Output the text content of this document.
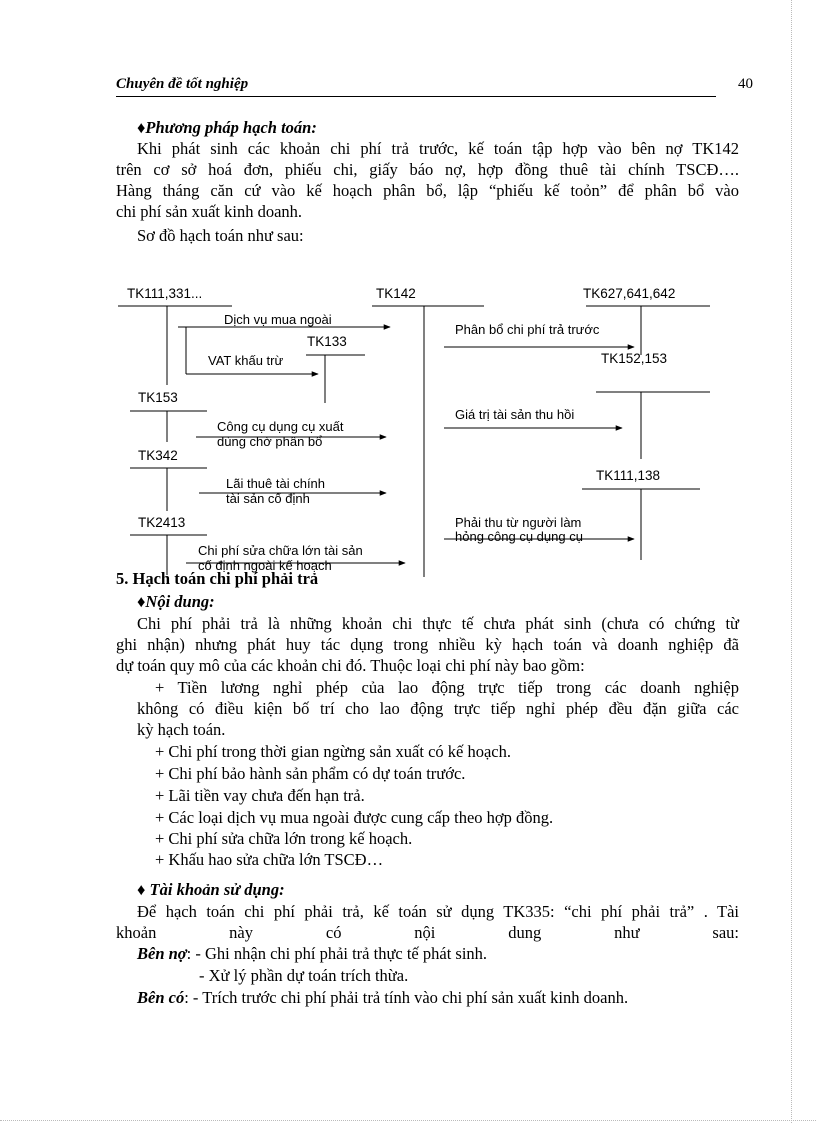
Chuyên đề tốt nghiệp	40
♦Phương pháp hạch toán:
Khi phát sinh các khoản chi phí trả trước, kế toán tập hợp vào bên nợ TK142
trên cơ sở hoá đơn, phiếu chi, giấy báo nợ, hợp đồng thuê tài chính TSCĐ….
Hàng tháng căn cứ vào kế hoạch phân bổ, lập “phiếu kế toỏn” để phân bổ vào
chi phí sản xuất kinh doanh.
Sơ đồ hạch toán như sau:
TK111,331...	TK142	TK627,641,642
TK133
TK152,153
TK153
TK342
TK111,138
TK2413
Dịch vụ mua ngoài
VAT khấu trừ
Công cụ dụng cụ xuất
dùng chờ phân bổ
Lãi thuê tài chính
tài sản cố định
Chi phí sửa chữa lớn tài sản
cố định ngoài kế hoạch
Phân bổ chi phí trả trước
Giá trị tài sản thu hồi
Phải thu từ người làm
hỏng công cụ dụng cụ
5. Hạch toán chi phí phải trả
♦Nội dung:
Chi phí phải trả là những khoản chi thực tế chưa phát sinh (chưa có chứng từ
ghi nhận) nhưng phát huy tác dụng trong nhiều kỳ hạch toán và doanh nghiệp đã
dự toán quy mô của các khoản chi đó. Thuộc loại chi phí này bao gồm:
+ Tiền lương nghỉ phép của lao động trực tiếp trong các doanh nghiệp
không có điều kiện bố trí cho lao động trực tiếp nghỉ phép đều đặn giữa các
kỳ hạch toán.
+ Chi phí trong thời gian ngừng sản xuất có kế hoạch.
+ Chi phí bảo hành sản phẩm có dự toán trước.
+ Lãi tiền vay chưa đến hạn trả.
+ Các loại dịch vụ mua ngoài được cung cấp theo hợp đồng.
+ Chi phí sửa chữa lớn trong kế hoạch.
+ Khấu hao sửa chữa lớn TSCĐ…
♦ Tài khoản sử dụng:
Để hạch toán chi phí phải trả, kế toán sử dụng TK335: “chi phí phải trả” . Tài
khoản này có nội dung như sau:
Bên nợ: - Ghi nhận chi phí phải trả thực tế phát sinh.
- Xử lý phần dự toán trích thừa.
Bên có: - Trích trước chi phí phải trả tính vào chi phí sản xuất kinh doanh.
